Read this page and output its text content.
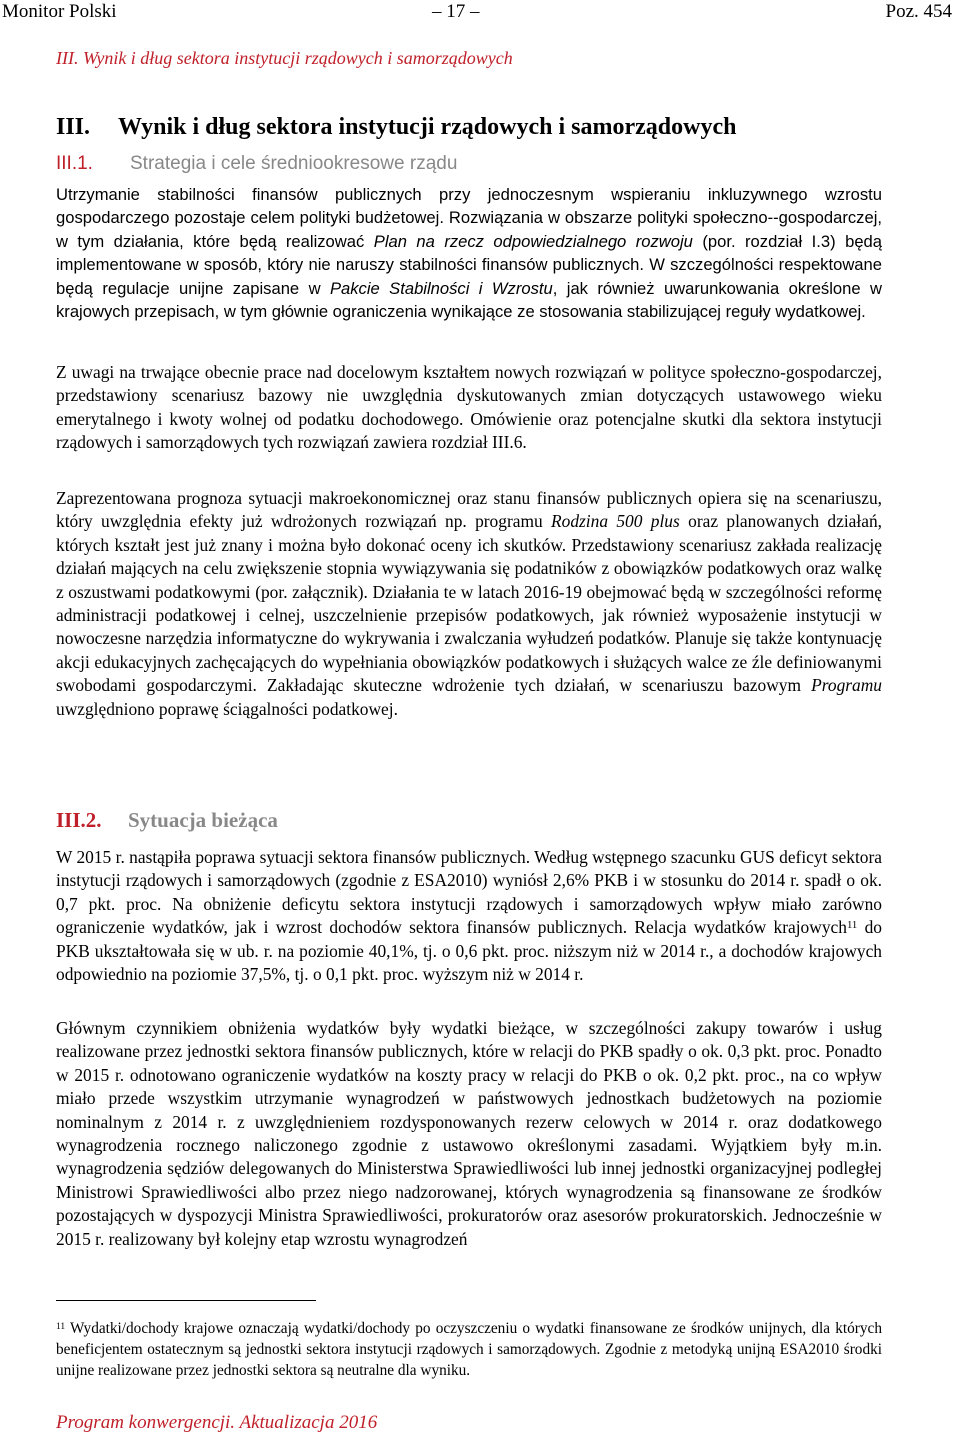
Monitor Polski	– 17 –	Poz. 454
III. Wynik i dług sektora instytucji rządowych i samorządowych
III. Wynik i dług sektora instytucji rządowych i samorządowych
III.1. Strategia i cele średniookresowe rządu

Utrzymanie stabilności finansów publicznych przy jednoczesnym wspieraniu inkluzywnego wzrostu gospodarczego pozostaje celem polityki budżetowej. Rozwiązania w obszarze polityki społeczno--gospodarczej, w tym działania, które będą realizować Plan na rzecz odpowiedzialnego rozwoju (por. rozdział I.3) będą implementowane w sposób, który nie naruszy stabilności finansów publicznych. W szczególności respektowane będą regulacje unijne zapisane w Pakcie Stabilności i Wzrostu, jak również uwarunkowania określone w krajowych przepisach, w tym głównie ograniczenia wynikające ze stosowania stabilizującej reguły wydatkowej.

Z uwagi na trwające obecnie prace nad docelowym kształtem nowych rozwiązań w polityce społeczno-gospodarczej, przedstawiony scenariusz bazowy nie uwzględnia dyskutowanych zmian dotyczących ustawowego wieku emerytalnego i kwoty wolnej od podatku dochodowego. Omówienie oraz potencjalne skutki dla sektora instytucji rządowych i samorządowych tych rozwiązań zawiera rozdział III.6.

Zaprezentowana prognoza sytuacji makroekonomicznej oraz stanu finansów publicznych opiera się na scenariuszu, który uwzględnia efekty już wdrożonych rozwiązań np. programu Rodzina 500 plus oraz planowanych działań, których kształt jest już znany i można było dokonać oceny ich skutków. Przedstawiony scenariusz zakłada realizację działań mających na celu zwiększenie stopnia wywiązywania się podatników z obowiązków podatkowych oraz walkę z oszustwami podatkowymi (por. załącznik). Działania te w latach 2016-19 obejmować będą w szczególności reformę administracji podatkowej i celnej, uszczelnienie przepisów podatkowych, jak również wyposażenie instytucji w nowoczesne narzędzia informatyczne do wykrywania i zwalczania wyłudzeń podatków. Planuje się także kontynuację akcji edukacyjnych zachęcających do wypełniania obowiązków podatkowych i służących walce ze źle definiowanymi swobodami gospodarczymi. Zakładając skuteczne wdrożenie tych działań, w scenariuszu bazowym Programu uwzględniono poprawę ściągalności podatkowej.

III.2. Sytuacja bieżąca

W 2015 r. nastąpiła poprawa sytuacji sektora finansów publicznych. Według wstępnego szacunku GUS deficyt sektora instytucji rządowych i samorządowych (zgodnie z ESA2010) wyniósł 2,6% PKB i w stosunku do 2014 r. spadł o ok. 0,7 pkt. proc. Na obniżenie deficytu sektora instytucji rządowych i samorządowych wpływ miało zarówno ograniczenie wydatków, jak i wzrost dochodów sektora finansów publicznych. Relacja wydatków krajowych$^{11}$ do PKB ukształtowała się w ub. r. na poziomie 40,1%, tj. o 0,6 pkt. proc. niższym niż w 2014 r., a dochodów krajowych odpowiednio na poziomie 37,5%, tj. o 0,1 pkt. proc. wyższym niż w 2014 r.

Głównym czynnikiem obniżenia wydatków były wydatki bieżące, w szczególności zakupy towarów i usług realizowane przez jednostki sektora finansów publicznych, które w relacji do PKB spadły o ok. 0,3 pkt. proc. Ponadto w 2015 r. odnotowano ograniczenie wydatków na koszty pracy w relacji do PKB o ok. 0,2 pkt. proc., na co wpływ miało przede wszystkim utrzymanie wynagrodzeń w państwowych jednostkach budżetowych na poziomie nominalnym z 2014 r. z uwzględnieniem rozdysponowanych rezerw celowych w 2014 r. oraz dodatkowego wynagrodzenia rocznego naliczonego zgodnie z ustawowo określonymi zasadami. Wyjątkiem były m.in. wynagrodzenia sędziów delegowanych do Ministerstwa Sprawiedliwości lub innej jednostki organizacyjnej podległej Ministrowi Sprawiedliwości albo przez niego nadzorowanej, których wynagrodzenia są finansowane ze środków pozostających w dyspozycji Ministra Sprawiedliwości, prokuratorów oraz asesorów prokuratorskich. Jednocześnie w 2015 r. realizowany był kolejny etap wzrostu wynagrodzeń

$^{11}$ Wydatki/dochody krajowe oznaczają wydatki/dochody po oczyszczeniu o wydatki finansowane ze środków unijnych, dla których beneficjentem ostatecznym są jednostki sektora instytucji rządowych i samorządowych. Zgodnie z metodyką unijną ESA2010 środki unijne realizowane przez jednostki sektora są neutralne dla wyniku.

Program konwergencji. Aktualizacja 2016
